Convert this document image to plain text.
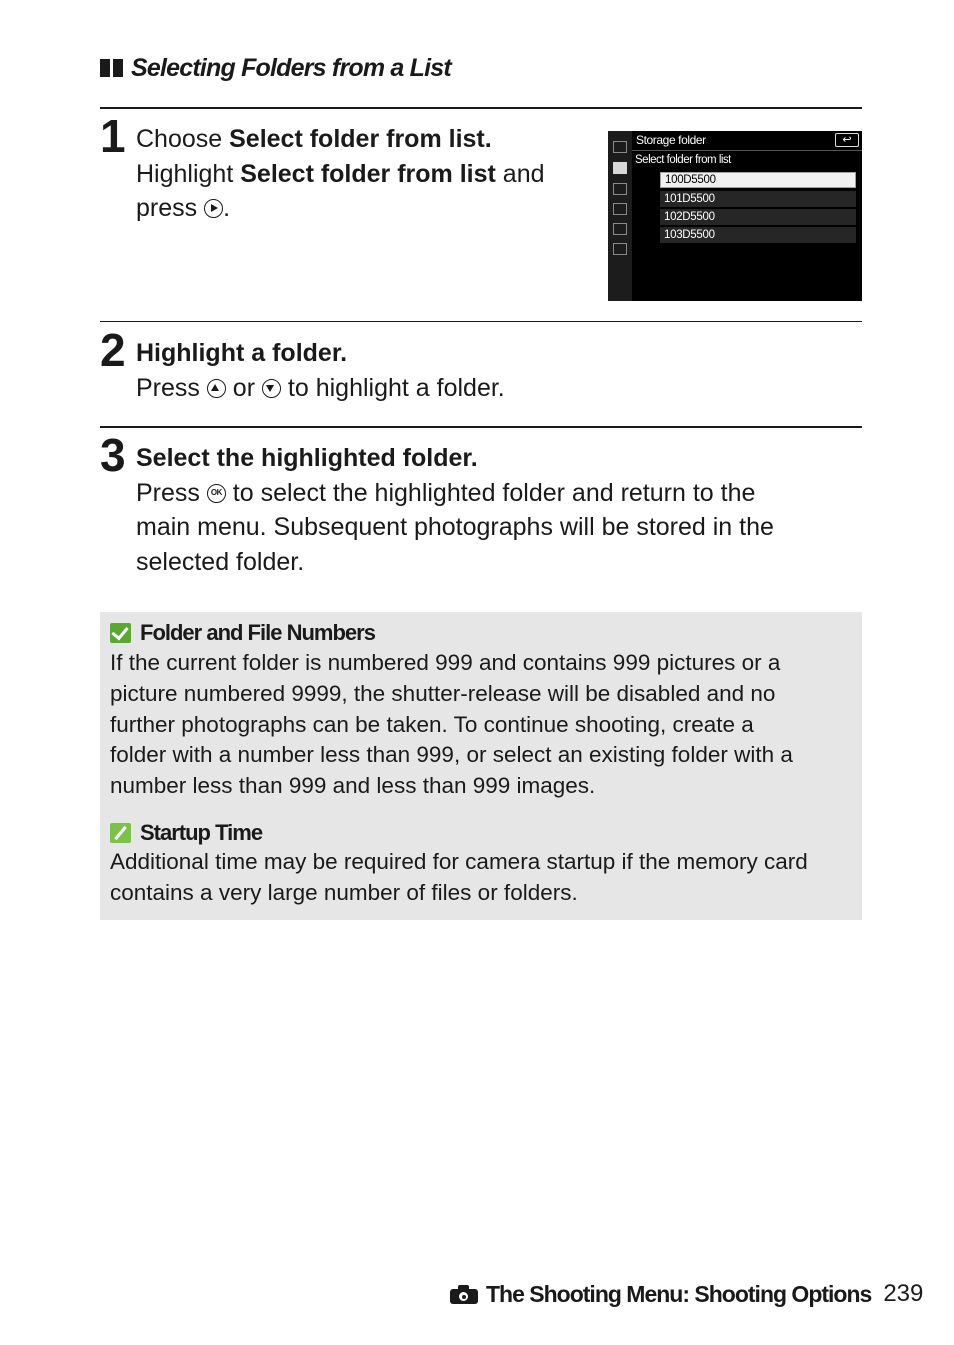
Selecting Folders from a List
1 Choose Select folder from list.
Highlight Select folder from list and
press
.
Storage folder	↩
Select folder from list
100D5500
101D5500
102D5500
103D5500
2 Highlight a folder.
Press
or
to highlight a folder.
3 Select the highlighted folder.
Press OK to select the highlighted folder and return to the
main menu. Subsequent photographs will be stored in the
selected folder.
Folder and File Numbers
If the current folder is numbered 999 and contains 999 pictures or a
picture numbered 9999, the shutter-release will be disabled and no
further photographs can be taken. To continue shooting, create a
folder with a number less than 999, or select an existing folder with a
number less than 999 and less than 999 images.
Startup Time
Additional time may be required for camera startup if the memory card
contains a very large number of files or folders.
The Shooting Menu: Shooting Options 239
